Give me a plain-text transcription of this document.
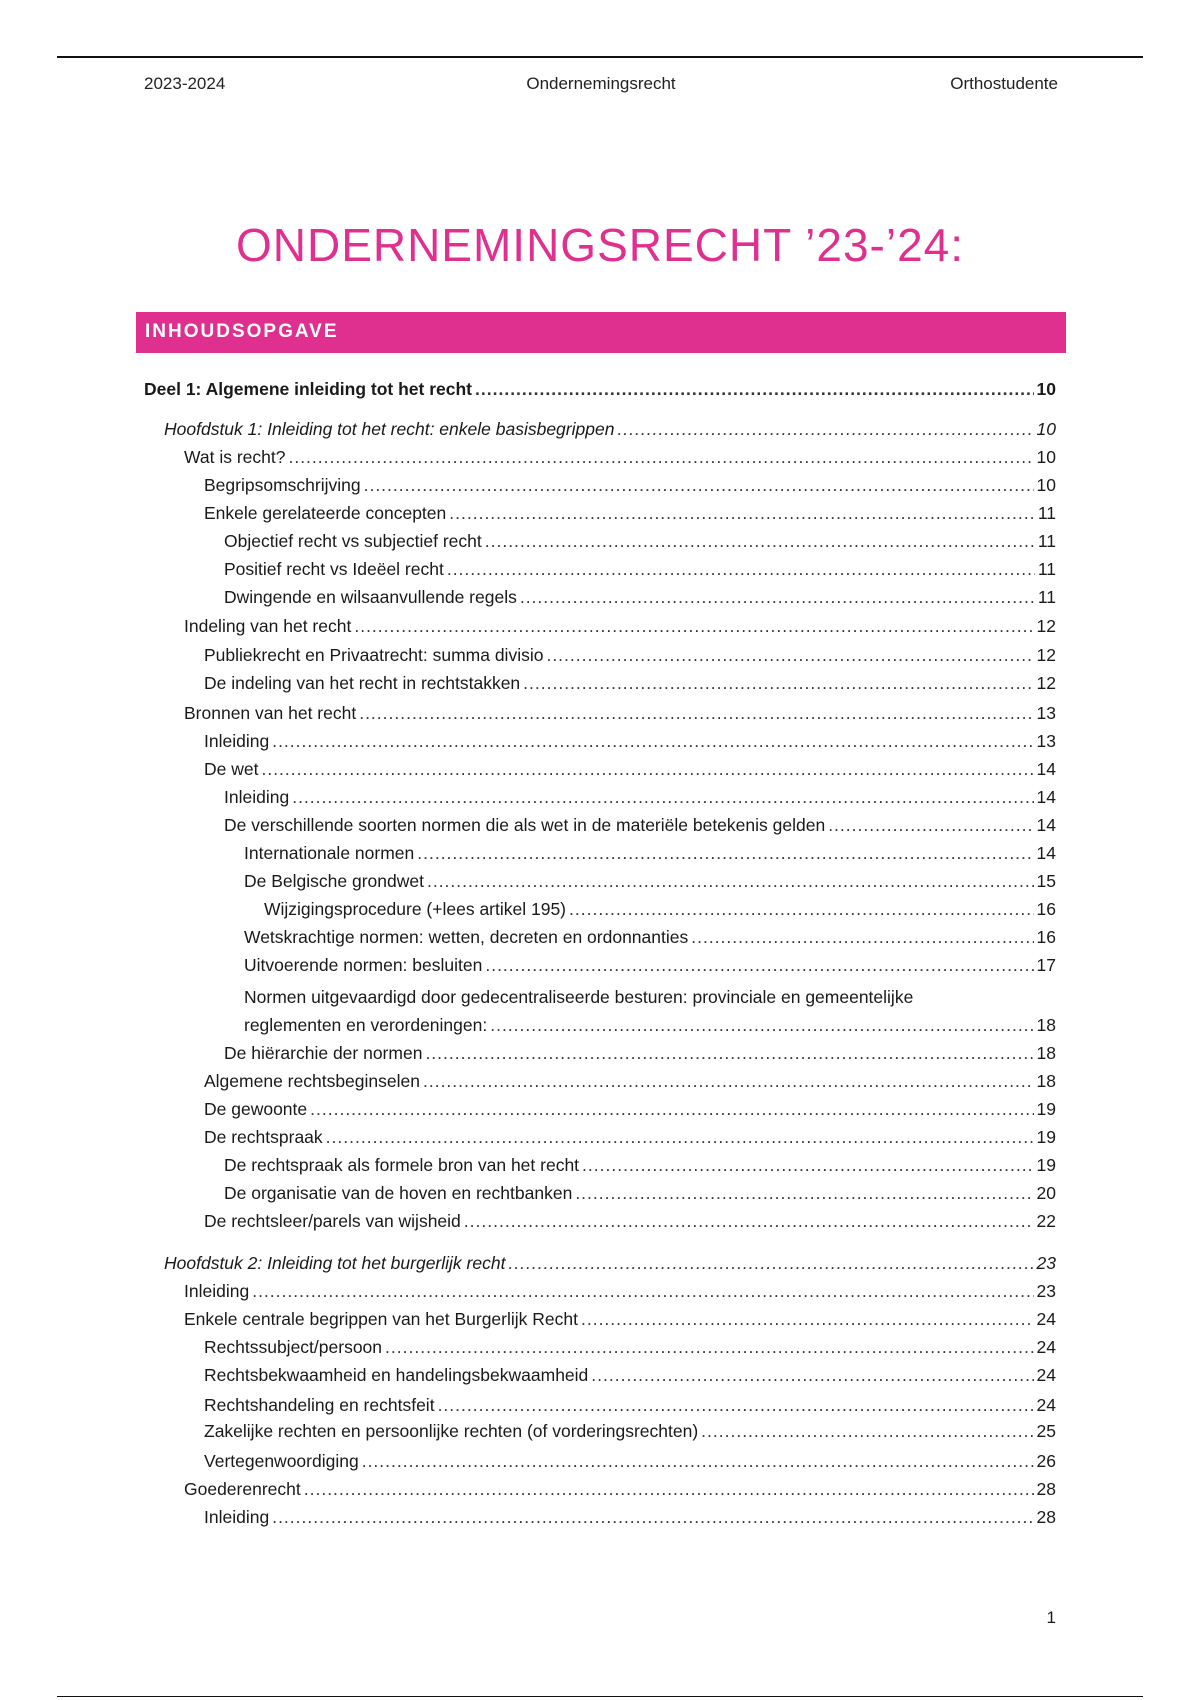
2023-2024	Ondernemingsrecht	Orthostudente
ONDERNEMINGSRECHT ’23-’24:
INHOUDSOPGAVE
Deel 1: Algemene inleiding tot het recht .....	10
Hoofdstuk 1: Inleiding tot het recht: enkele basisbegrippen .....	10
Wat is recht? .....	10
Begripsomschrijving .....	10
Enkele gerelateerde concepten .....	11
Objectief recht vs subjectief recht .....	11
Positief recht vs Ideëel recht .....	11
Dwingende en wilsaanvullende regels .....	11
Indeling van het recht .....	12
Publiekrecht en Privaatrecht: summa divisio .....	12
De indeling van het recht in rechtstakken .....	12
Bronnen van het recht .....	13
Inleiding .....	13
De wet .....	14
Inleiding .....	14
De verschillende soorten normen die als wet in de materiële betekenis gelden .....	14
Internationale normen .....	14
De Belgische grondwet .....	15
Wijzigingsprocedure (+lees artikel 195) .....	16
Wetskrachtige normen: wetten, decreten en ordonnanties .....	16
Uitvoerende normen: besluiten .....	17
Normen uitgevaardigd door gedecentraliseerde besturen: provinciale en gemeentelijke
reglementen en verordeningen: .....	18
De hiërarchie der normen .....	18
Algemene rechtsbeginselen .....	18
De gewoonte .....	19
De rechtspraak .....	19
De rechtspraak als formele bron van het recht .....	19
De organisatie van de hoven en rechtbanken .....	20
De rechtsleer/parels van wijsheid .....	22
Hoofdstuk 2: Inleiding tot het burgerlijk recht .....	23
Inleiding .....	23
Enkele centrale begrippen van het Burgerlijk Recht .....	24
Rechtssubject/persoon .....	24
Rechtsbekwaamheid en handelingsbekwaamheid .....	24
Rechtshandeling en rechtsfeit .....	24
Zakelijke rechten en persoonlijke rechten (of vorderingsrechten) .....	25
Vertegenwoordiging .....	26
Goederenrecht .....	28
Inleiding .....	28
1
